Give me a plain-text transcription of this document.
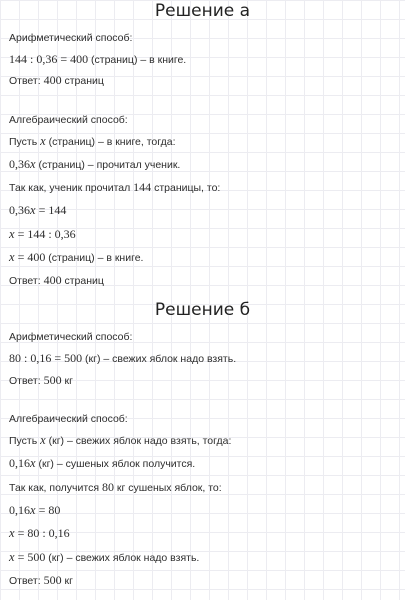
Решение а
Арифметический способ:
144 : 0,36 = 400 (страниц) – в книге.
Ответ: 400 страниц
Алгебраический способ:
Пусть x (страниц) – в книге, тогда:
0,36x (страниц) – прочитал ученик.
Так как, ученик прочитал 144 страницы, то:
0,36x = 144
x = 144 : 0,36
x = 400 (страниц) – в книге.
Ответ: 400 страниц
Решение б
Арифметический способ:
80 : 0,16 = 500 (кг) – свежих яблок надо взять.
Ответ: 500 кг
Алгебраический способ:
Пусть x (кг) – свежих яблок надо взять, тогда:
0,16x (кг) – сушеных яблок получится.
Так как, получится 80 кг сушеных яблок, то:
0,16x = 80
x = 80 : 0,16
x = 500 (кг) – свежих яблок надо взять.
Ответ: 500 кг
